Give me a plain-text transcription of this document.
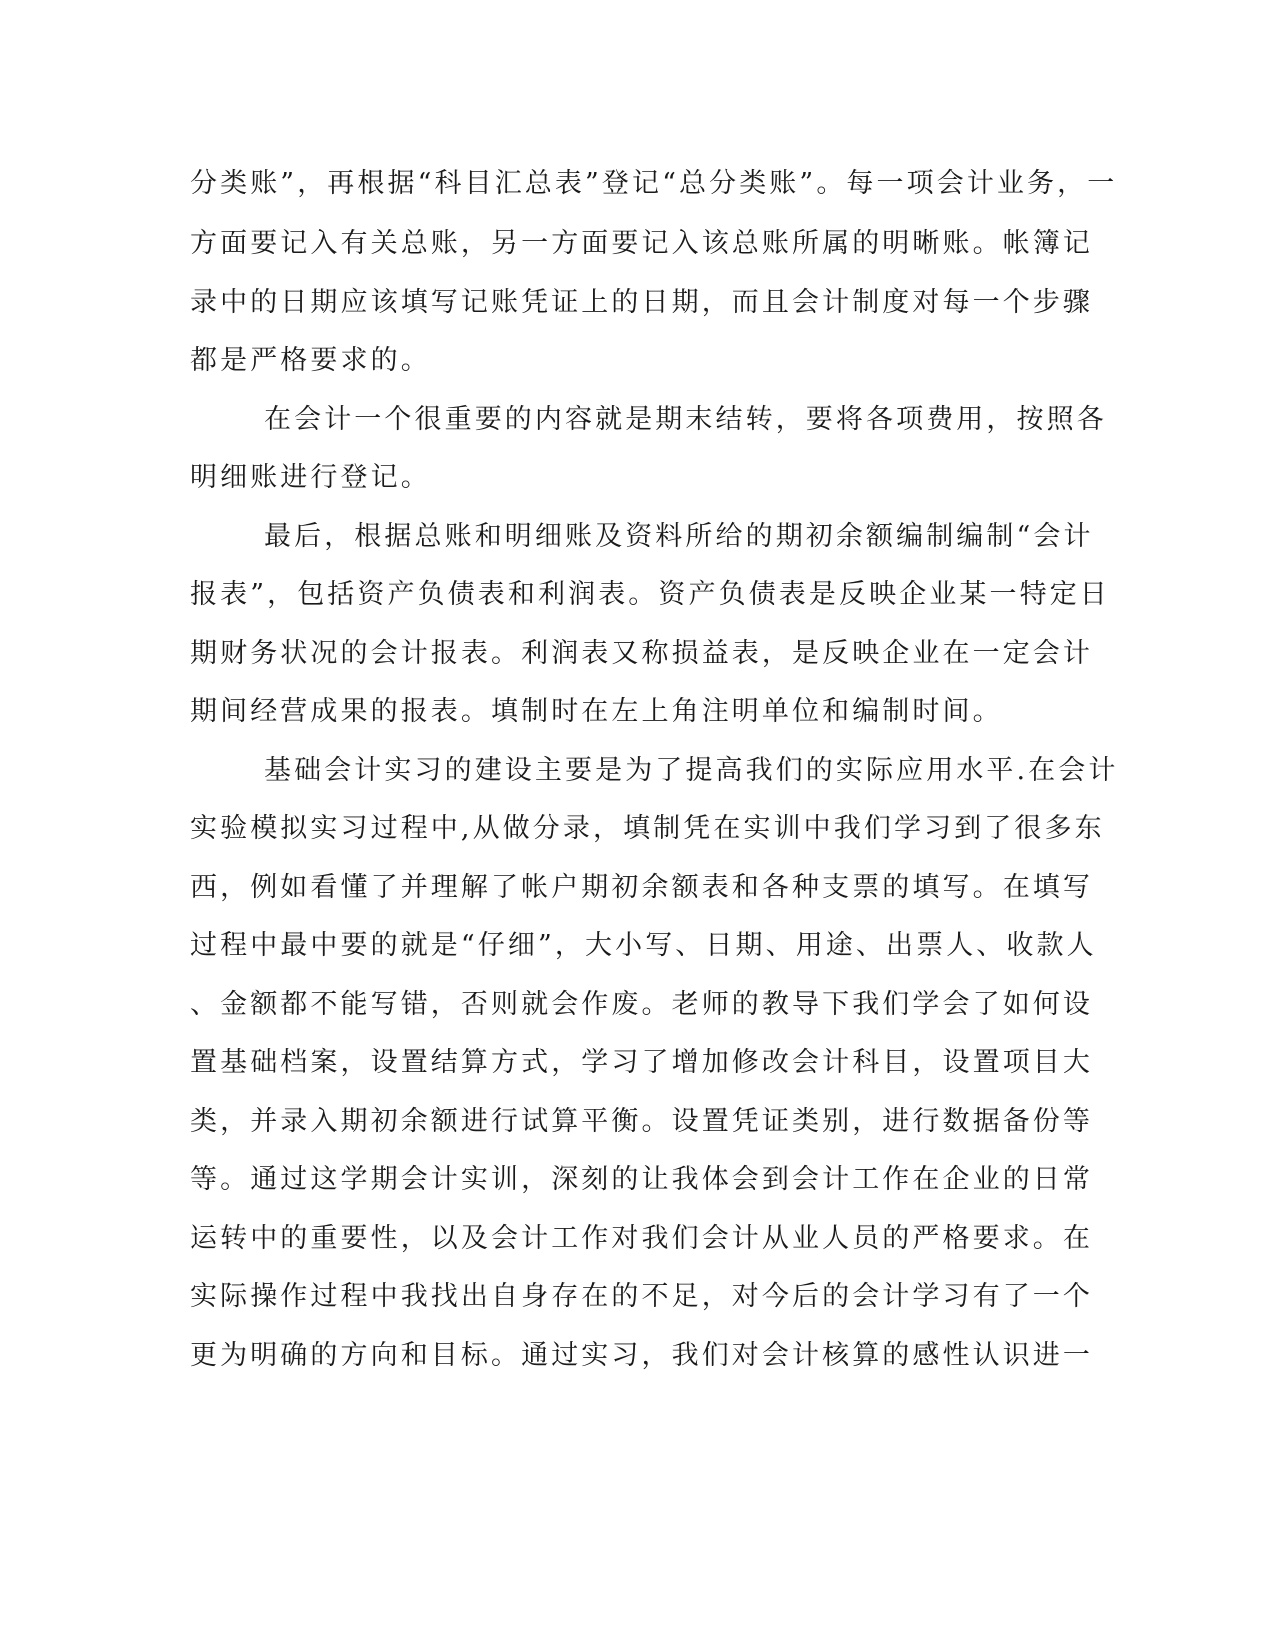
分类账”，再根据“科目汇总表”登记“总分类账”。每一项会计业务，一
方面要记入有关总账，另一方面要记入该总账所属的明晰账。帐簿记
录中的日期应该填写记账凭证上的日期，而且会计制度对每一个步骤
都是严格要求的。
在会计一个很重要的内容就是期末结转，要将各项费用，按照各
明细账进行登记。
最后，根据总账和明细账及资料所给的期初余额编制编制“会计
报表”，包括资产负债表和利润表。资产负债表是反映企业某一特定日
期财务状况的会计报表。利润表又称损益表，是反映企业在一定会计
期间经营成果的报表。填制时在左上角注明单位和编制时间。
基础会计实习的建设主要是为了提高我们的实际应用水平.在会计
实验模拟实习过程中,从做分录，填制凭在实训中我们学习到了很多东
西，例如看懂了并理解了帐户期初余额表和各种支票的填写。在填写
过程中最中要的就是“仔细”，大小写、日期、用途、出票人、收款人
、金额都不能写错，否则就会作废。老师的教导下我们学会了如何设
置基础档案，设置结算方式，学习了增加修改会计科目，设置项目大
类，并录入期初余额进行试算平衡。设置凭证类别，进行数据备份等
等。通过这学期会计实训，深刻的让我体会到会计工作在企业的日常
运转中的重要性，以及会计工作对我们会计从业人员的严格要求。在
实际操作过程中我找出自身存在的不足，对今后的会计学习有了一个
更为明确的方向和目标。通过实习，我们对会计核算的感性认识进一
